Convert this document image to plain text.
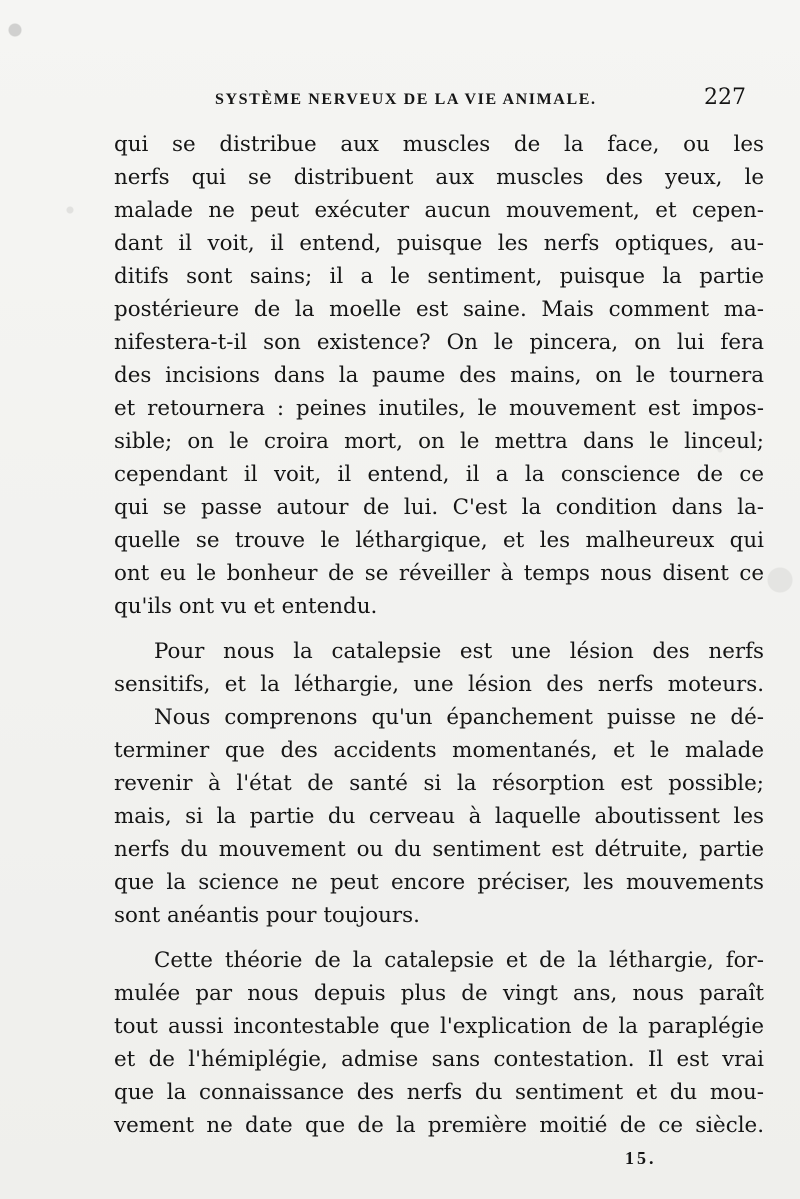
SYSTÈME NERVEUX DE LA VIE ANIMALE.	227
qui se distribue aux muscles de la face, ou les
nerfs qui se distribuent aux muscles des yeux, le
malade ne peut exécuter aucun mouvement, et cepen-
dant il voit, il entend, puisque les nerfs optiques, au-
ditifs sont sains; il a le sentiment, puisque la partie
postérieure de la moelle est saine. Mais comment ma-
nifestera-t-il son existence? On le pincera, on lui fera
des incisions dans la paume des mains, on le tournera
et retournera : peines inutiles, le mouvement est impos-
sible; on le croira mort, on le mettra dans le linceul;
cependant il voit, il entend, il a la conscience de ce
qui se passe autour de lui. C'est la condition dans la-
quelle se trouve le léthargique, et les malheureux qui
ont eu le bonheur de se réveiller à temps nous disent ce
qu'ils ont vu et entendu.
Pour nous la catalepsie est une lésion des nerfs
sensitifs, et la léthargie, une lésion des nerfs moteurs.
Nous comprenons qu'un épanchement puisse ne dé-
terminer que des accidents momentanés, et le malade
revenir à l'état de santé si la résorption est possible;
mais, si la partie du cerveau à laquelle aboutissent les
nerfs du mouvement ou du sentiment est détruite, partie
que la science ne peut encore préciser, les mouvements
sont anéantis pour toujours.
Cette théorie de la catalepsie et de la léthargie, for-
mulée par nous depuis plus de vingt ans, nous paraît
tout aussi incontestable que l'explication de la paraplégie
et de l'hémiplégie, admise sans contestation. Il est vrai
que la connaissance des nerfs du sentiment et du mou-
vement ne date que de la première moitié de ce siècle.
15.
